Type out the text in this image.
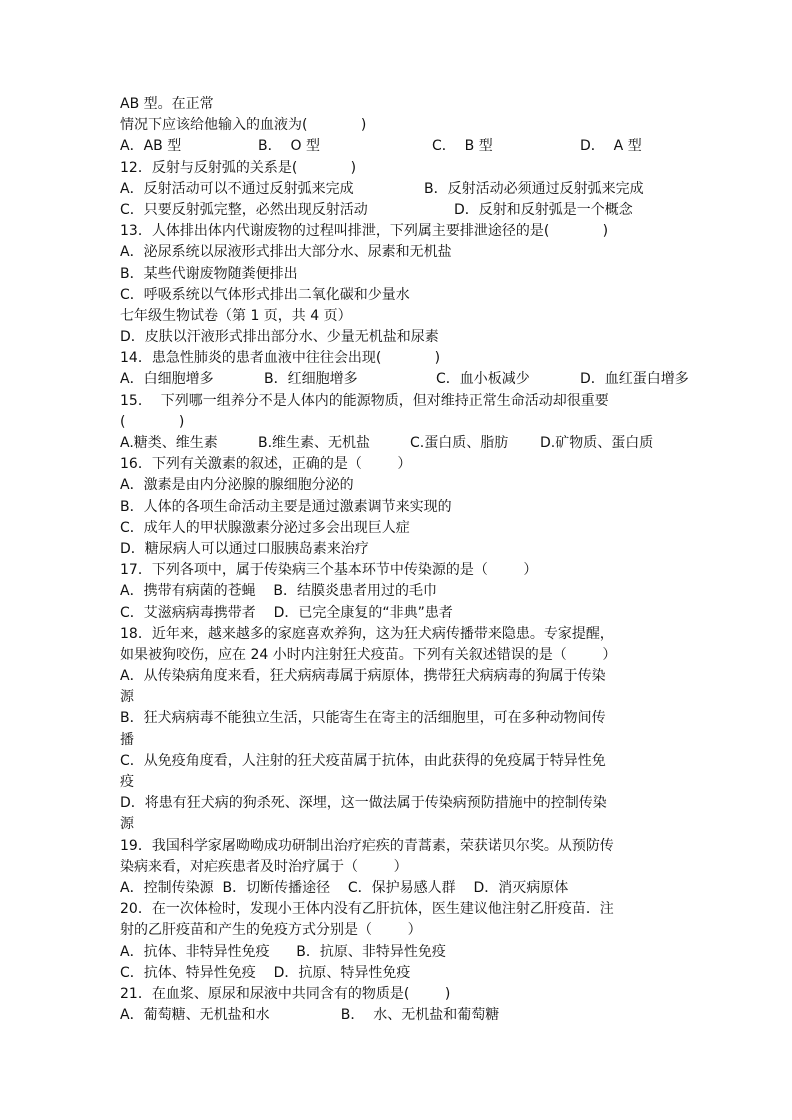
AB 型。在正常
情况下应该给他输入的血液为(            )
A．AB 型	B．  O 型	C．  B 型	D．  A 型
12．反射与反射弧的关系是(            )
A．反射活动可以不通过反射弧来完成	B．反射活动必须通过反射弧来完成
C．只要反射弧完整，必然出现反射活动	D．反射和反射弧是一个概念
13．人体排出体内代谢废物的过程叫排泄，下列属主要排泄途径的是(            )
A．泌尿系统以尿液形式排出大部分水、尿素和无机盐
B．某些代谢废物随粪便排出
C．呼吸系统以气体形式排出二氧化碳和少量水
七年级生物试卷（第 1 页，共 4 页）
D．皮肤以汗液形式排出部分水、少量无机盐和尿素
14．患急性肺炎的患者血液中往往会出现(            )
A．白细胞增多	B．红细胞增多	C．血小板减少	D．血红蛋白增多
15．  下列哪一组养分不是人体内的能源物质，但对维持正常生命活动却很重要
(            )
A.糖类、维生素	B.维生素、无机盐	C.蛋白质、脂肪	D.矿物质、蛋白质
16．下列有关激素的叙述，正确的是（        ）
A．激素是由内分泌腺的腺细胞分泌的
B．人体的各项生命活动主要是通过激素调节来实现的
C．成年人的甲状腺激素分泌过多会出现巨人症
D．糖尿病人可以通过口服胰岛素来治疗
17．下列各项中，属于传染病三个基本环节中传染源的是（        ）
A．携带有病菌的苍蝇    B．结膜炎患者用过的毛巾
C．艾滋病病毒携带者    D．已完全康复的“非典”患者
18．近年来，越来越多的家庭喜欢养狗，这为狂犬病传播带来隐患。专家提醒，
如果被狗咬伤，应在 24 小时内注射狂犬疫苗。下列有关叙述错误的是（        ）
A．从传染病角度来看，狂犬病病毒属于病原体，携带狂犬病病毒的狗属于传染
源
B．狂犬病病毒不能独立生活，只能寄生在寄主的活细胞里，可在多种动物间传
播
C．从免疫角度看，人注射的狂犬疫苗属于抗体，由此获得的免疫属于特异性免
疫
D．将患有狂犬病的狗杀死、深埋，这一做法属于传染病预防措施中的控制传染
源
19．我国科学家屠呦呦成功研制出治疗疟疾的青蒿素，荣获诺贝尔奖。从预防传
染病来看，对疟疾患者及时治疗属于（        ）
A．控制传染源  B．切断传播途径    C．保护易感人群    D．消灭病原体
20．在一次体检时，发现小王体内没有乙肝抗体，医生建议他注射乙肝疫苗．注
射的乙肝疫苗和产生的免疫方式分别是（        ）
A．抗体、非特异性免疫      B．抗原、非特异性免疫
C．抗体、特异性免疫    D．抗原、特异性免疫
21．在血浆、原尿和尿液中共同含有的物质是(        )
A．葡萄糖、无机盐和水                B．  水、无机盐和葡萄糖
